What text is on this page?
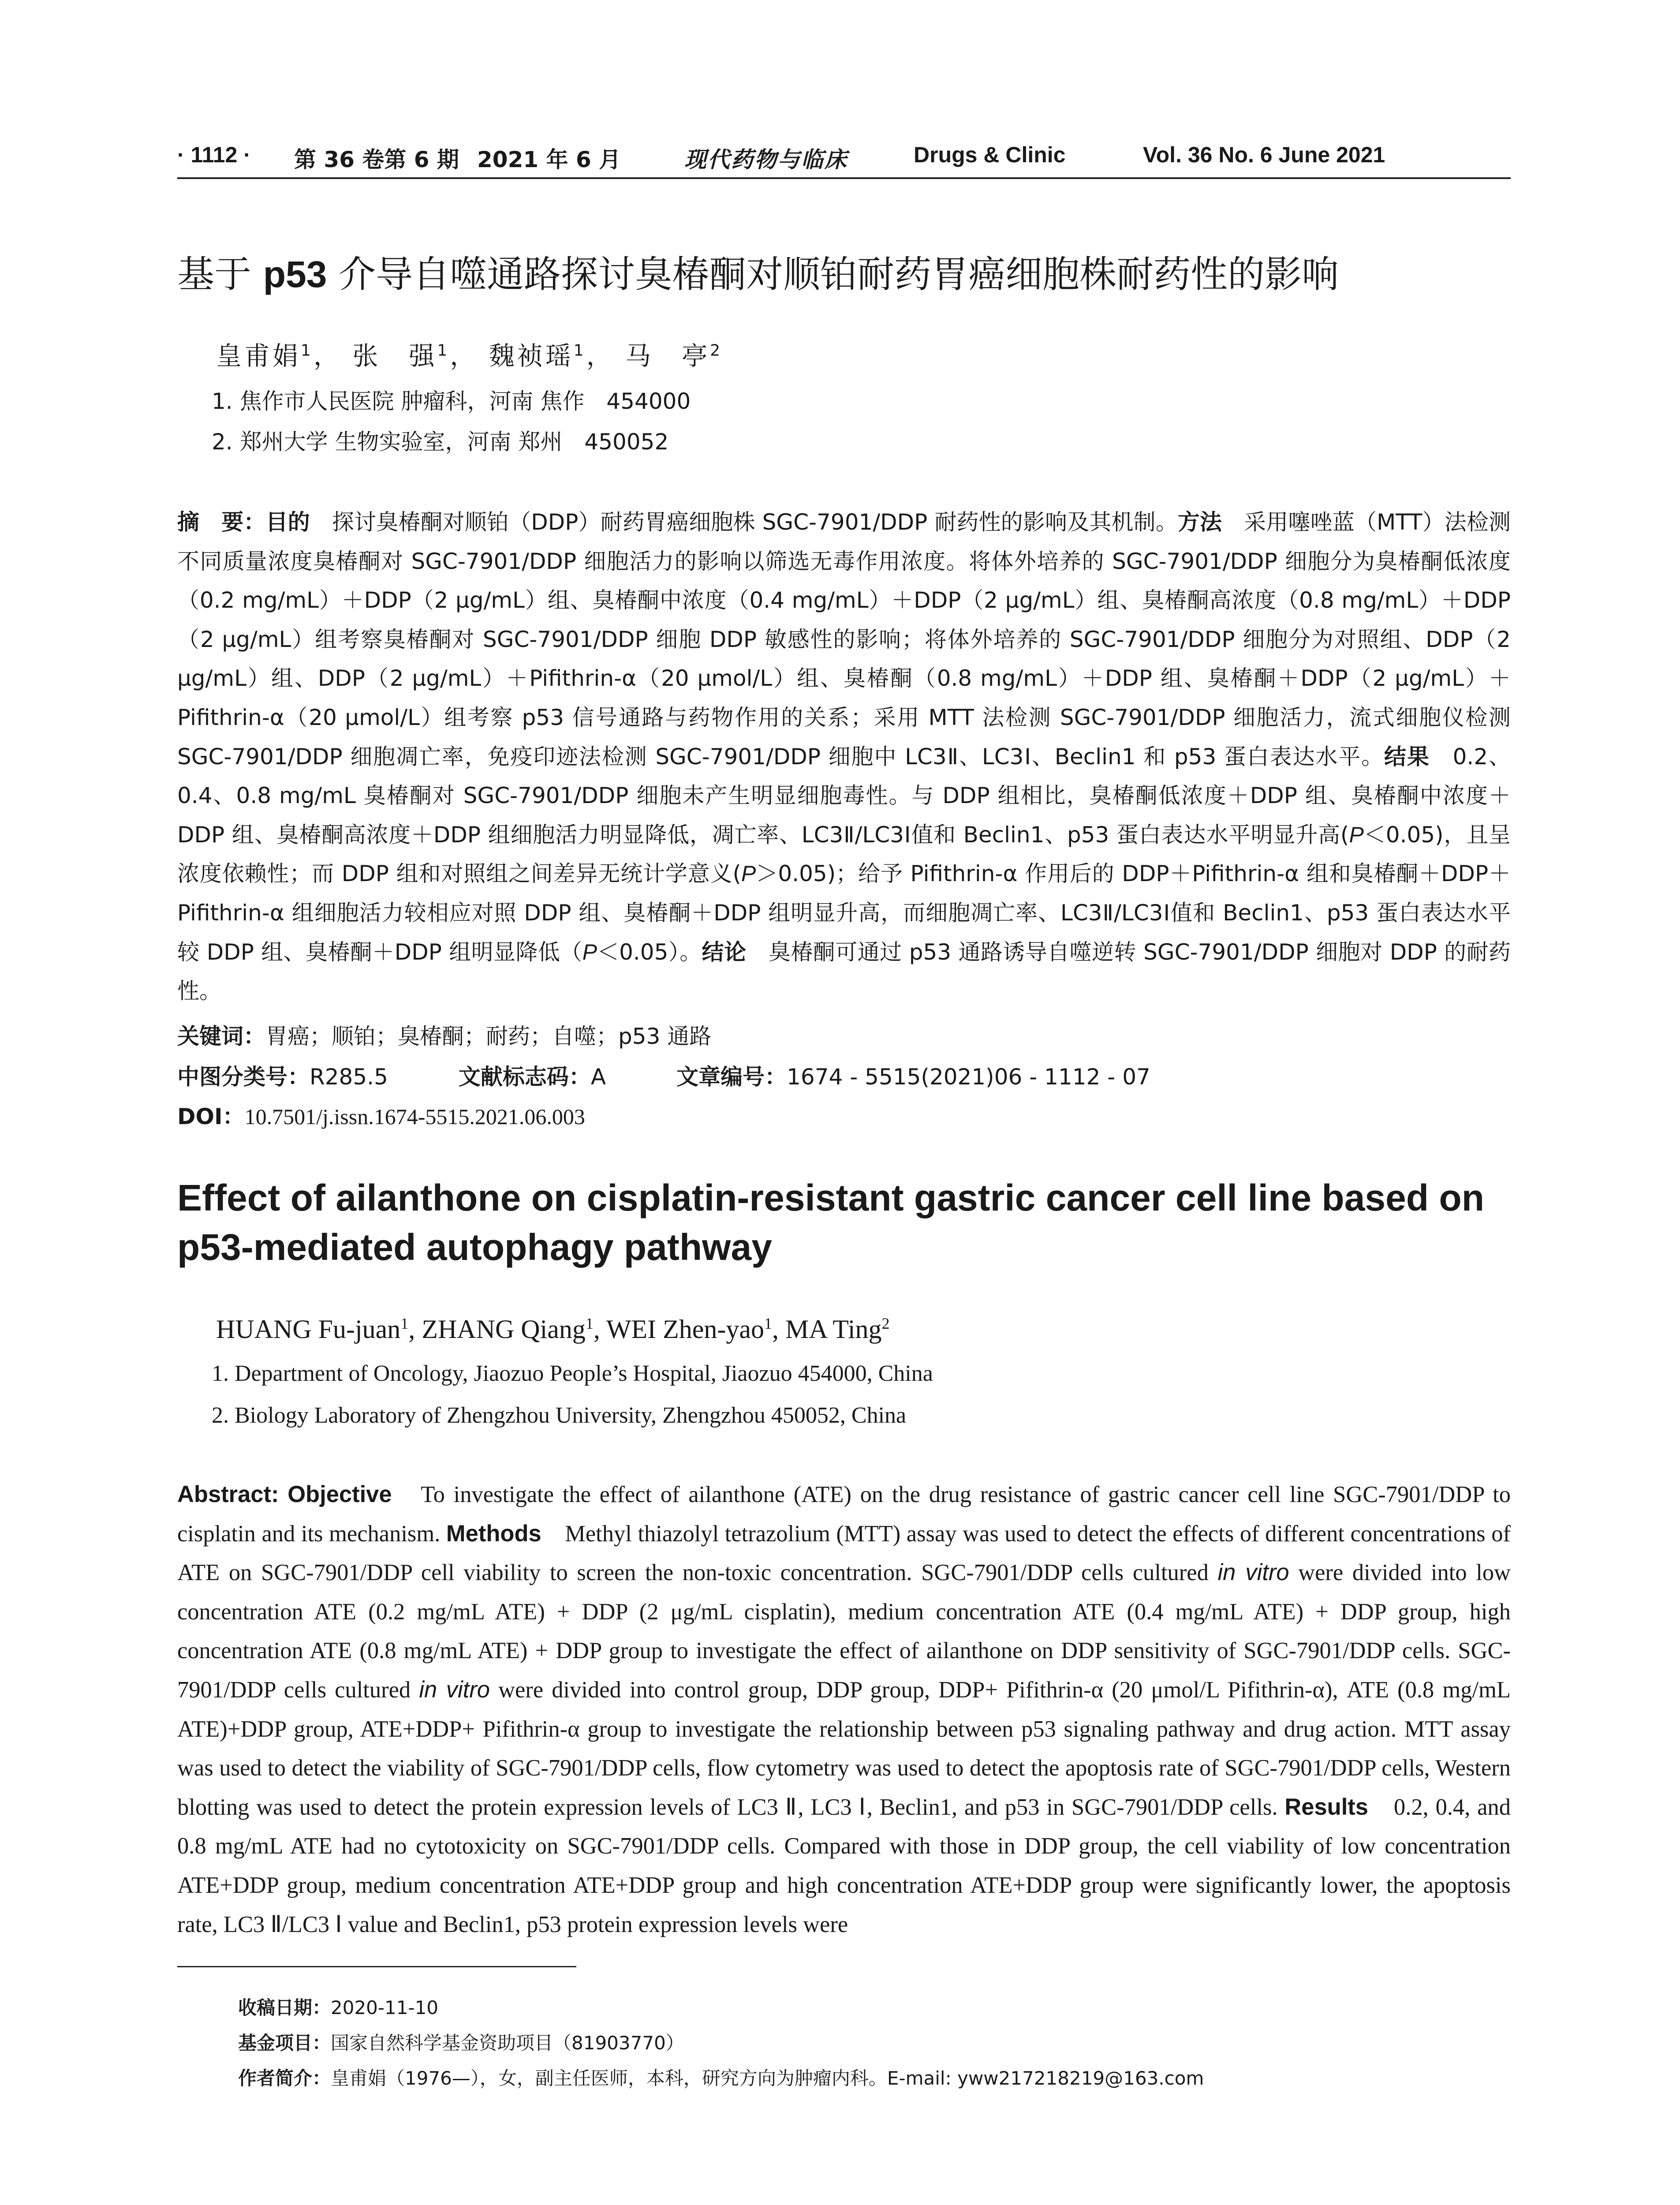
· 1112 · 第 36 卷第 6 期 2021 年 6 月	现代药物与临床	Drugs & Clinic	Vol. 36 No. 6 June 2021
基于 p53 介导自噬通路探讨臭椿酮对顺铂耐药胃癌细胞株耐药性的影响
皇甫娟$^1$， 张　强$^1$， 魏祯瑶$^1$， 马　亭$^2$
1. 焦作市人民医院 肿瘤科，河南 焦作　454000
2. 郑州大学 生物实验室，河南 郑州　450052
摘　要：目的　探讨臭椿酮对顺铂（DDP）耐药胃癌细胞株 SGC-7901/DDP 耐药性的影响及其机制。方法　采用噻唑蓝（MTT）法检测不同质量浓度臭椿酮对 SGC-7901/DDP 细胞活力的影响以筛选无毒作用浓度。将体外培养的 SGC-7901/DDP 细胞分为臭椿酮低浓度（0.2 mg/mL）＋DDP（2 μg/mL）组、臭椿酮中浓度（0.4 mg/mL）＋DDP（2 μg/mL）组、臭椿酮高浓度（0.8 mg/mL）＋DDP（2 μg/mL）组考察臭椿酮对 SGC-7901/DDP 细胞 DDP 敏感性的影响；将体外培养的 SGC-7901/DDP 细胞分为对照组、DDP（2 μg/mL）组、DDP（2 μg/mL）＋Pifithrin-α（20 μmol/L）组、臭椿酮（0.8 mg/mL）＋DDP 组、臭椿酮＋DDP（2 μg/mL）＋Pifithrin-α（20 μmol/L）组考察 p53 信号通路与药物作用的关系；采用 MTT 法检测 SGC-7901/DDP 细胞活力，流式细胞仪检测 SGC-7901/DDP 细胞凋亡率，免疫印迹法检测 SGC-7901/DDP 细胞中 LC3Ⅱ、LC3Ⅰ、Beclin1 和 p53 蛋白表达水平。结果　0.2、0.4、0.8 mg/mL 臭椿酮对 SGC-7901/DDP 细胞未产生明显细胞毒性。与 DDP 组相比，臭椿酮低浓度＋DDP 组、臭椿酮中浓度＋DDP 组、臭椿酮高浓度＋DDP 组细胞活力明显降低，凋亡率、LC3Ⅱ/LC3Ⅰ值和 Beclin1、p53 蛋白表达水平明显升高(P＜0.05)，且呈浓度依赖性；而 DDP 组和对照组之间差异无统计学意义(P＞0.05)；给予 Pifithrin-α 作用后的 DDP＋Pifithrin-α 组和臭椿酮＋DDP＋Pifithrin-α 组细胞活力较相应对照 DDP 组、臭椿酮＋DDP 组明显升高，而细胞凋亡率、LC3Ⅱ/LC3Ⅰ值和 Beclin1、p53 蛋白表达水平较 DDP 组、臭椿酮＋DDP 组明显降低（P＜0.05）。结论　臭椿酮可通过 p53 通路诱导自噬逆转 SGC-7901/DDP 细胞对 DDP 的耐药性。
关键词：胃癌；顺铂；臭椿酮；耐药；自噬；p53 通路
中图分类号：R285.5	文献标志码：A	文章编号：1674 - 5515(2021)06 - 1112 - 07
DOI：10.7501/j.issn.1674-5515.2021.06.003
Effect of ailanthone on cisplatin-resistant gastric cancer cell line based on p53-mediated autophagy pathway
HUANG Fu-juan$^1$, ZHANG Qiang$^1$, WEI Zhen-yao$^1$, MA Ting$^2$
1. Department of Oncology, Jiaozuo People’s Hospital, Jiaozuo 454000, China
2. Biology Laboratory of Zhengzhou University, Zhengzhou 450052, China
Abstract: Objective　To investigate the effect of ailanthone (ATE) on the drug resistance of gastric cancer cell line SGC-7901/DDP to cisplatin and its mechanism. Methods　Methyl thiazolyl tetrazolium (MTT) assay was used to detect the effects of different concentrations of ATE on SGC-7901/DDP cell viability to screen the non-toxic concentration. SGC-7901/DDP cells cultured in vitro were divided into low concentration ATE (0.2 mg/mL ATE) + DDP (2 μg/mL cisplatin), medium concentration ATE (0.4 mg/mL ATE) + DDP group, high concentration ATE (0.8 mg/mL ATE) + DDP group to investigate the effect of ailanthone on DDP sensitivity of SGC-7901/DDP cells. SGC-7901/DDP cells cultured in vitro were divided into control group, DDP group, DDP+ Pifithrin-α (20 μmol/L Pifithrin-α), ATE (0.8 mg/mL ATE)+DDP group, ATE+DDP+ Pifithrin-α group to investigate the relationship between p53 signaling pathway and drug action. MTT assay was used to detect the viability of SGC-7901/DDP cells, flow cytometry was used to detect the apoptosis rate of SGC-7901/DDP cells, Western blotting was used to detect the protein expression levels of LC3 Ⅱ, LC3 Ⅰ, Beclin1, and p53 in SGC-7901/DDP cells. Results　0.2, 0.4, and 0.8 mg/mL ATE had no cytotoxicity on SGC-7901/DDP cells. Compared with those in DDP group, the cell viability of low concentration ATE+DDP group, medium concentration ATE+DDP group and high concentration ATE+DDP group were significantly lower, the apoptosis rate, LC3 Ⅱ/LC3 Ⅰ value and Beclin1, p53 protein expression levels were
收稿日期：2020-11-10
基金项目：国家自然科学基金资助项目（81903770）
作者简介：皇甫娟（1976—），女，副主任医师，本科，研究方向为肿瘤内科。E-mail: yww217218219@163.com
